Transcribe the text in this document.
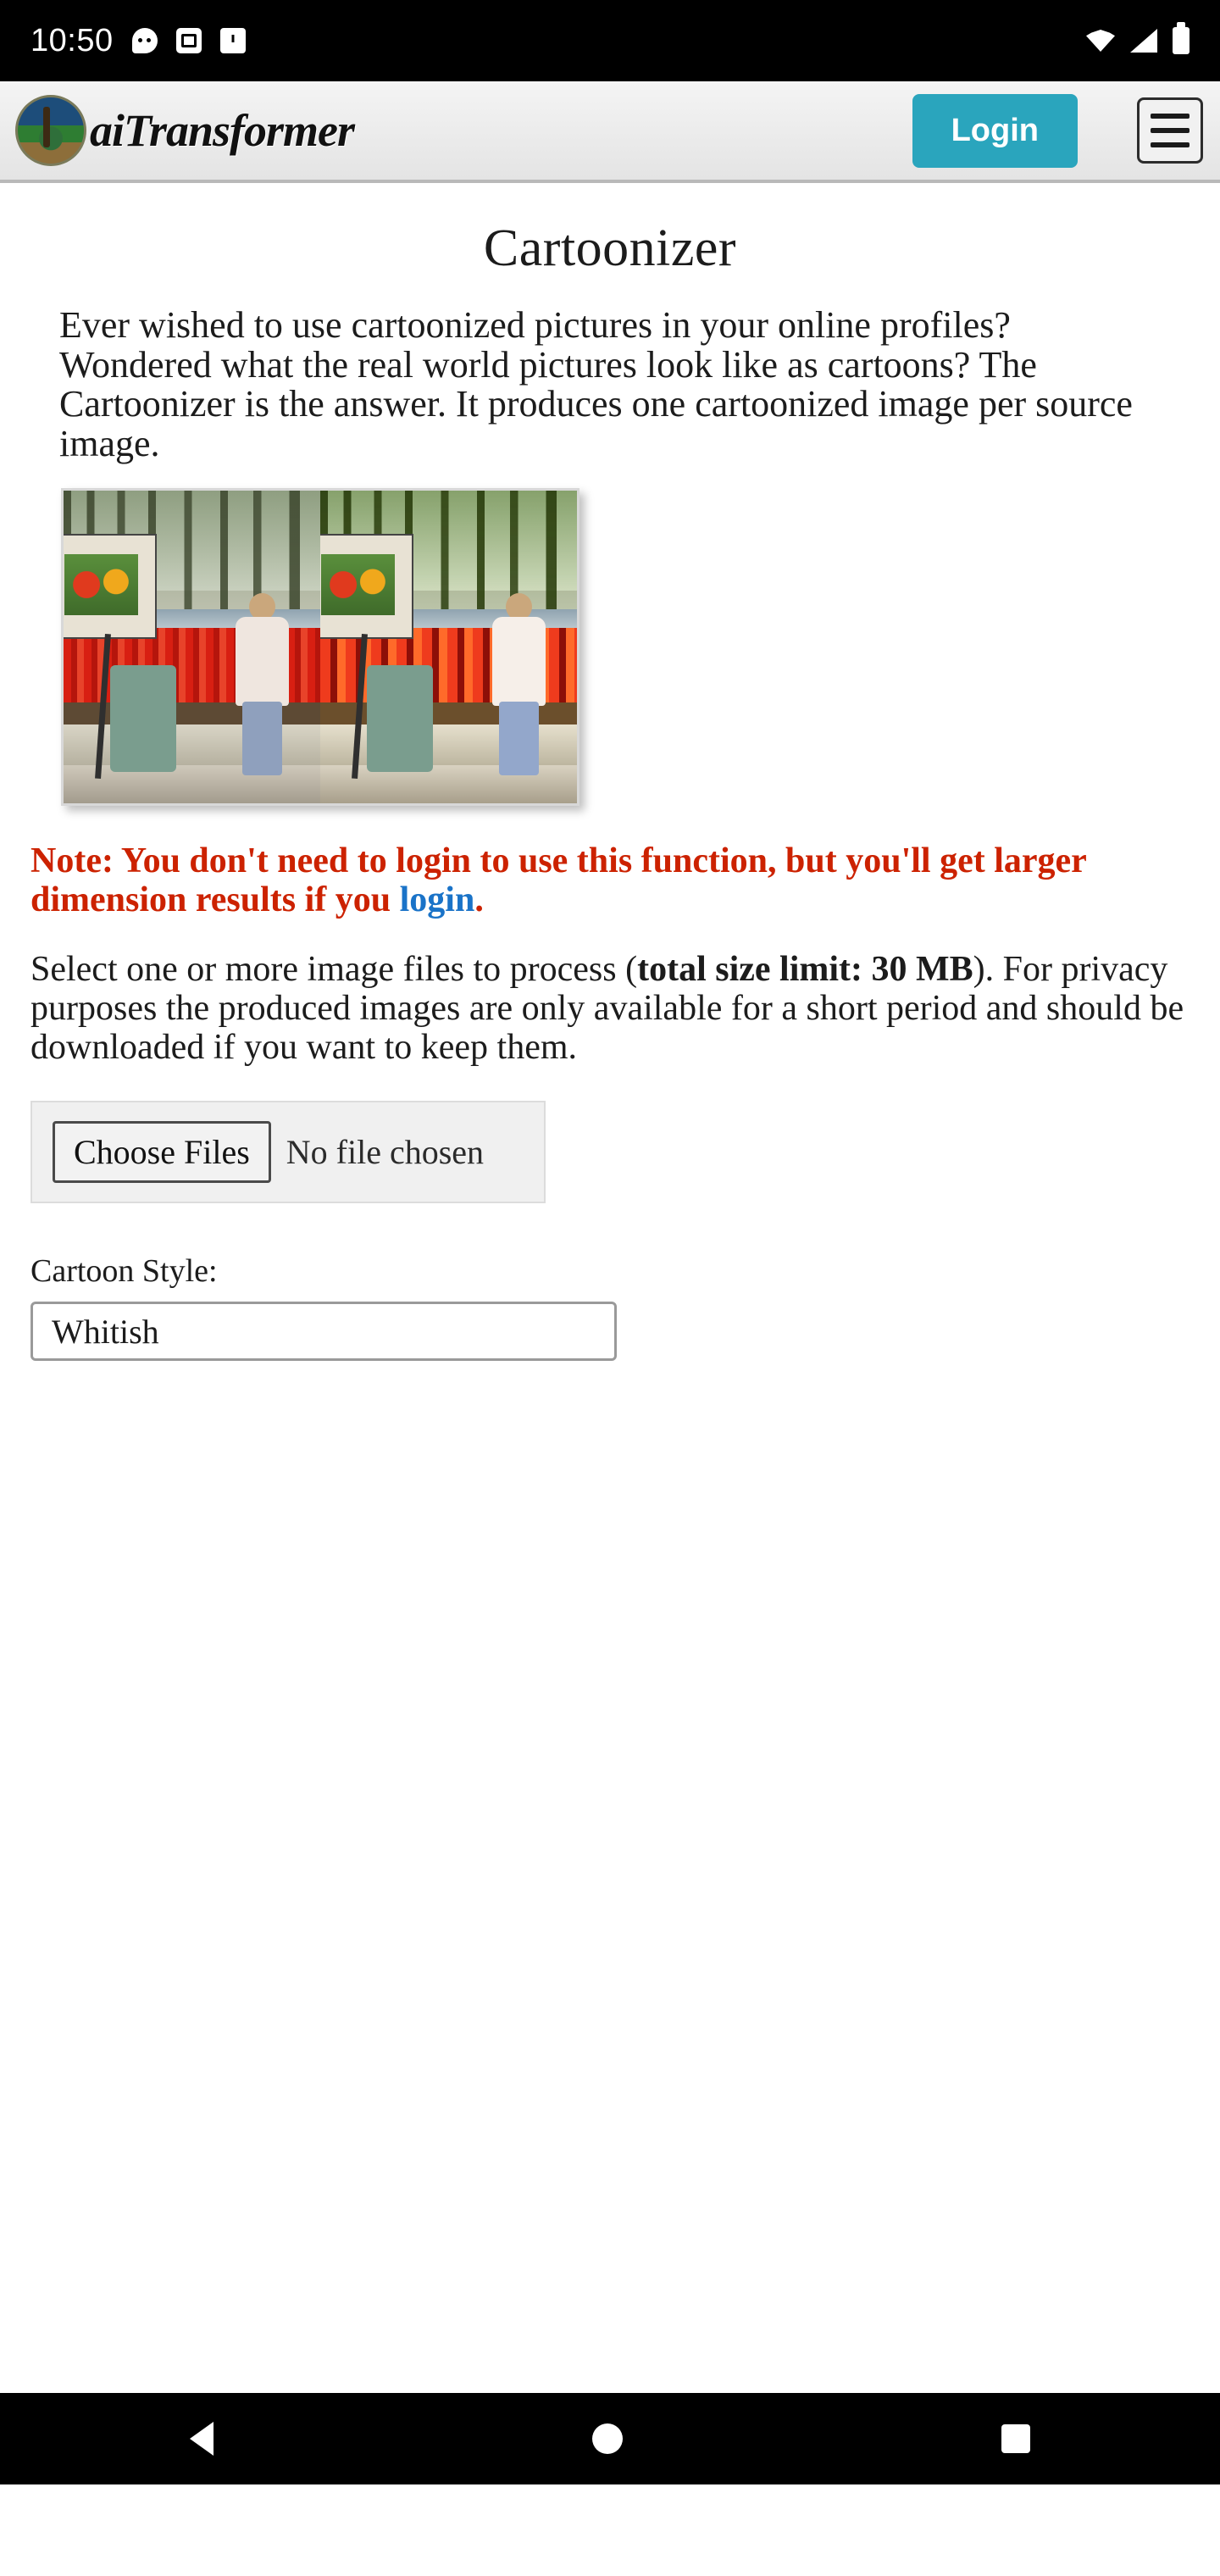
10:50
aiTransformer	Login
Cartoonizer

Ever wished to use cartoonized pictures in your online profiles? Wondered what the real world pictures look like as cartoons? The Cartoonizer is the answer. It produces one cartoonized image per source image.

Note: You don't need to login to use this function, but you'll get larger dimension results if you login.

Select one or more image files to process (total size limit: 30 MB). For privacy purposes the produced images are only available for a short period and should be downloaded if you want to keep them.

Choose Files	No file chosen
Cartoon Style:
Whitish
